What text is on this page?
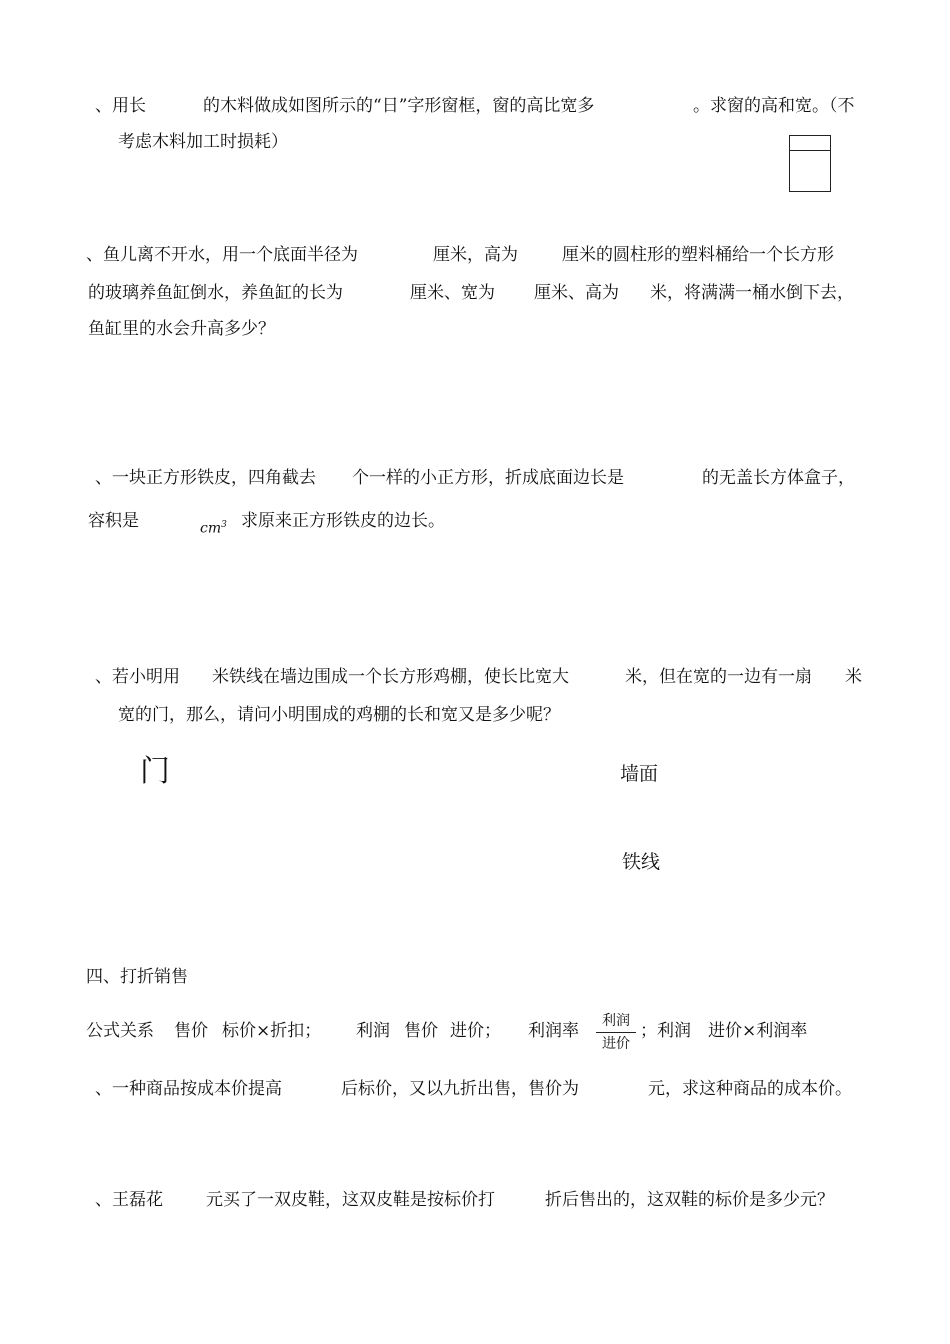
、用长	的木料做成如图所示的“日”字形窗框，窗的高比宽多	。求窗的高和宽。（不
考虑木料加工时损耗）
、鱼儿离不开水，用一个底面半径为	厘米，高为	厘米的圆柱形的塑料桶给一个长方形
的玻璃养鱼缸倒水，养鱼缸的长为	厘米、宽为 厘米、高为 米，将满满一桶水倒下去，
鱼缸里的水会升高多少？
、一块正方形铁皮，四角截去 个一样的小正方形，折成底面边长是	的无盖长方体盒子，
容积是	$cm^3$ 求原来正方形铁皮的边长。
、若小明用 米铁线在墙边围成一个长方形鸡棚，使长比宽大	米，但在宽的一边有一扇 米
宽的门，那么，请问小明围成的鸡棚的长和宽又是多少呢？
门	墙面
铁线
四、打折销售
公式关系 售价 标价×折扣； 利润 售价 进价； 利润率	利润
进价
；利润 进价×利润率
、一种商品按成本价提高	后标价，又以九折出售，售价为	元，求这种商品的成本价。
、王磊花	元买了一双皮鞋，这双皮鞋是按标价打	折后售出的，这双鞋的标价是多少元？
